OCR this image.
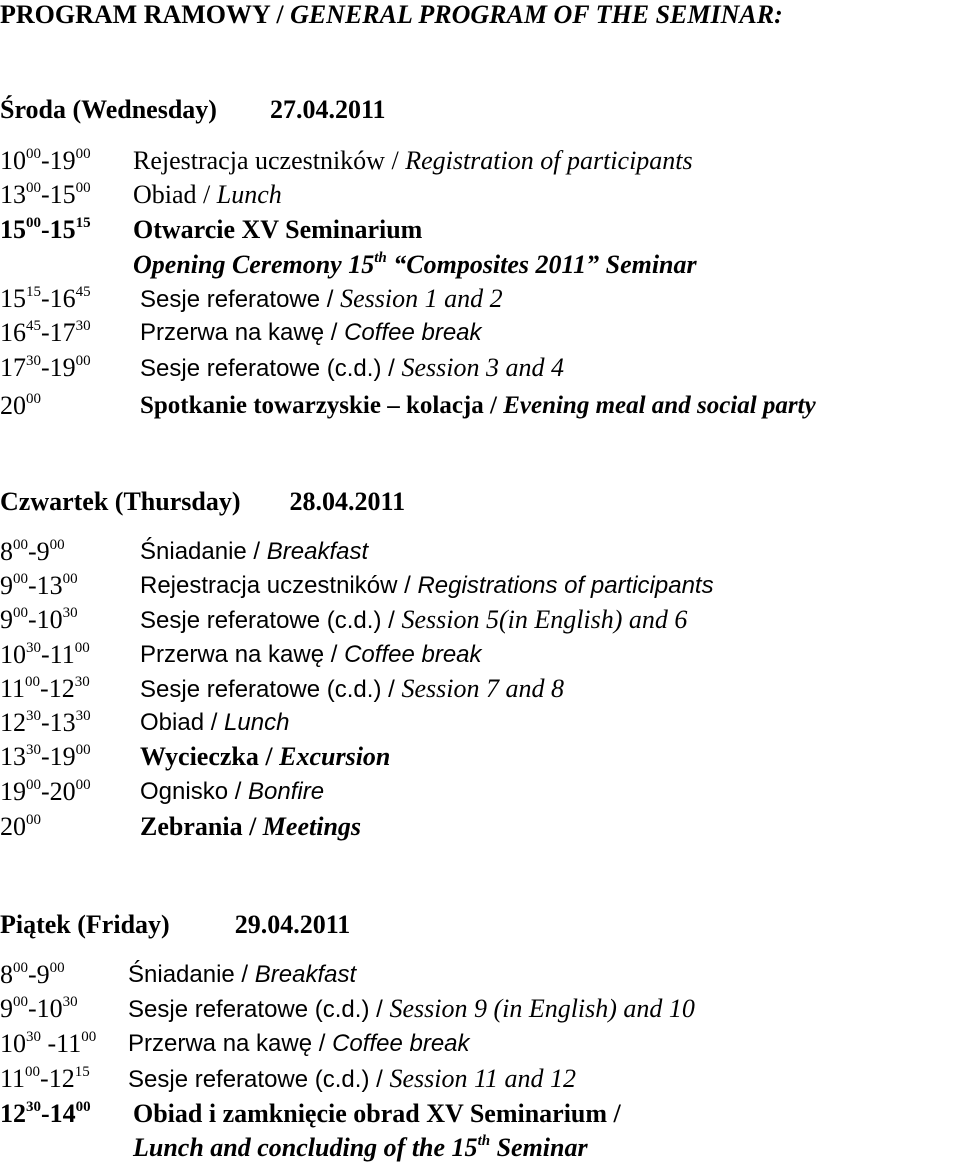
PROGRAM RAMOWY / GENERAL PROGRAM OF THE SEMINAR:
Środa (Wednesday) 27.04.2011
$10^{00}-19^{00}$ Rejestracja uczestników / Registration of participants
$13^{00}-15^{00}$ Obiad / Lunch
$15^{00}-15^{15}$ Otwarcie XV Seminarium
Opening Ceremony 15th “Composites 2011” Seminar
$15^{15}-16^{45}$ Sesje referatowe / Session 1 and 2
$16^{45}-17^{30}$ Przerwa na kawę / Coffee break
$17^{30}-19^{00}$ Sesje referatowe (c.d.) / Session 3 and 4
$20^{00}$	Spotkanie towarzyskie – kolacja / Evening meal and social party
Czwartek (Thursday) 28.04.2011
$8^{00}-9^{00}$	Śniadanie / Breakfast
$9^{00}-13^{00}$	Rejestracja uczestników / Registrations of participants
$9^{00}-10^{30}$	Sesje referatowe (c.d.) / Session 5(in English) and 6
$10^{30}-11^{00}$ Przerwa na kawę / Coffee break
$11^{00}-12^{30}$ Sesje referatowe (c.d.) / Session 7 and 8
$12^{30}-13^{30}$ Obiad / Lunch
$13^{30}-19^{00}$ Wycieczka / Excursion
$19^{00}-20^{00}$ Ognisko / Bonfire
$20^{00}$	Zebrania / Meetings
Piątek (Friday)	29.04.2011
$8^{00}-9^{00}$	Śniadanie / Breakfast
$9^{00}-10^{30}$ Sesje referatowe (c.d.) / Session 9 (in English) and 10
$10^{30}$ $-11^{00}$ Przerwa na kawę / Coffee break
$11^{00}-12^{15}$ Sesje referatowe (c.d.) / Session 11 and 12
$12^{30}-14^{00}$ Obiad i zamknięcie obrad XV Seminarium /
Lunch and concluding of the 15th Seminar
